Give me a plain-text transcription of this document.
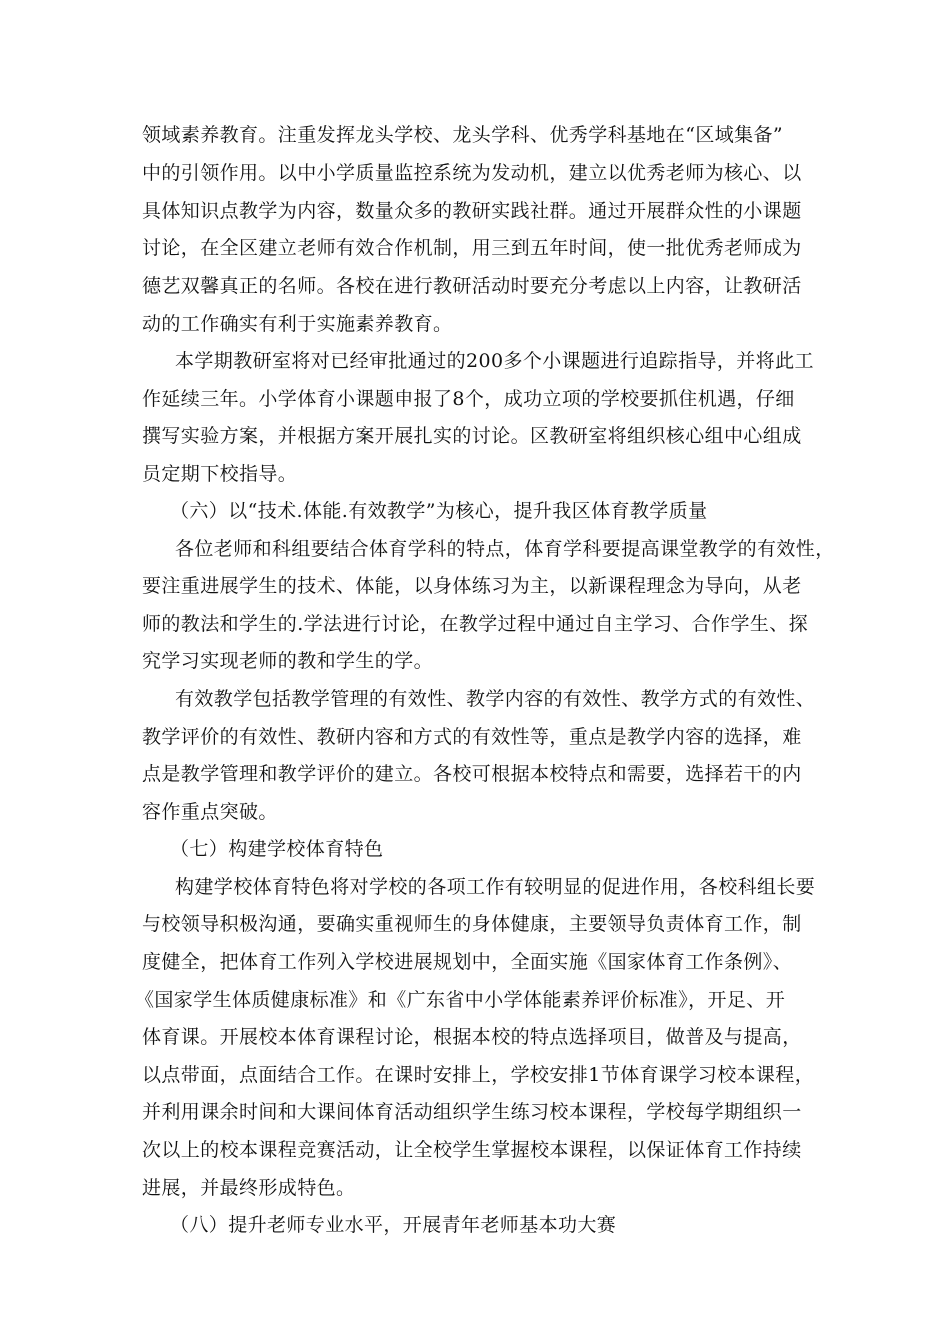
领域素养教育。注重发挥龙头学校、龙头学科、优秀学科基地在“区域集备”
中的引领作用。以中小学质量监控系统为发动机，建立以优秀老师为核心、以
具体知识点教学为内容，数量众多的教研实践社群。通过开展群众性的小课题
讨论，在全区建立老师有效合作机制，用三到五年时间，使一批优秀老师成为
德艺双馨真正的名师。各校在进行教研活动时要充分考虑以上内容，让教研活
动的工作确实有利于实施素养教育。
本学期教研室将对已经审批通过的200多个小课题进行追踪指导，并将此工
作延续三年。小学体育小课题申报了8个，成功立项的学校要抓住机遇，仔细
撰写实验方案，并根据方案开展扎实的讨论。区教研室将组织核心组中心组成
员定期下校指导。
（六）以“技术.体能.有效教学”为核心，提升我区体育教学质量
各位老师和科组要结合体育学科的特点，体育学科要提高课堂教学的有效性，
要注重进展学生的技术、体能，以身体练习为主，以新课程理念为导向，从老
师的教法和学生的.学法进行讨论，在教学过程中通过自主学习、合作学生、探
究学习实现老师的教和学生的学。
有效教学包括教学管理的有效性、教学内容的有效性、教学方式的有效性、
教学评价的有效性、教研内容和方式的有效性等，重点是教学内容的选择，难
点是教学管理和教学评价的建立。各校可根据本校特点和需要，选择若干的内
容作重点突破。
（七）构建学校体育特色
构建学校体育特色将对学校的各项工作有较明显的促进作用，各校科组长要
与校领导积极沟通，要确实重视师生的身体健康，主要领导负责体育工作，制
度健全，把体育工作列入学校进展规划中，全面实施《国家体育工作条例》、
《国家学生体质健康标准》和《广东省中小学体能素养评价标准》，开足、开
体育课。开展校本体育课程讨论，根据本校的特点选择项目，做普及与提高，
以点带面，点面结合工作。在课时安排上，学校安排1节体育课学习校本课程，
并利用课余时间和大课间体育活动组织学生练习校本课程，学校每学期组织一
次以上的校本课程竞赛活动，让全校学生掌握校本课程，以保证体育工作持续
进展，并最终形成特色。
（八）提升老师专业水平，开展青年老师基本功大赛
